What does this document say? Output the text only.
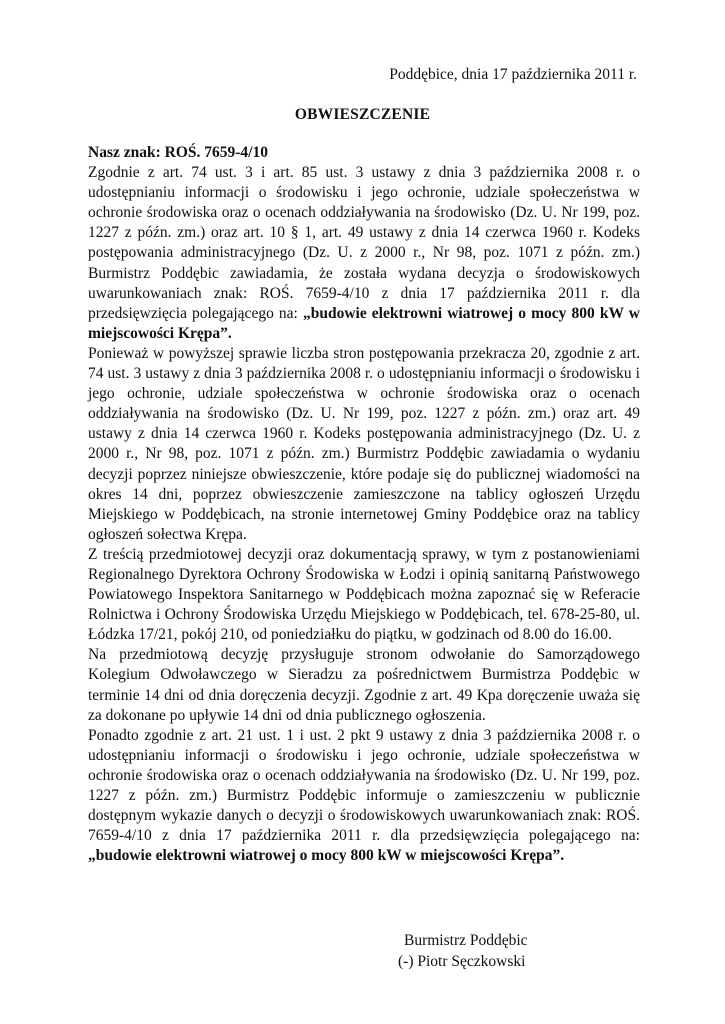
Poddębice, dnia 17 października 2011 r.
OBWIESZCZENIE

Nasz znak: ROŚ. 7659-4/10

Zgodnie z art. 74 ust. 3 i art. 85 ust. 3 ustawy z dnia 3 października 2008 r. o udostępnianiu informacji o środowisku i jego ochronie, udziale społeczeństwa w ochronie środowiska oraz o ocenach oddziaływania na środowisko (Dz. U. Nr 199, poz. 1227 z późn. zm.) oraz art. 10 § 1, art. 49 ustawy z dnia 14 czerwca 1960 r. Kodeks postępowania administracyjnego (Dz. U. z 2000 r., Nr 98, poz. 1071 z późn. zm.) Burmistrz Poddębic zawiadamia, że została wydana decyzja o środowiskowych uwarunkowaniach znak: ROŚ. 7659-4/10 z dnia 17 października 2011 r. dla przedsięwzięcia polegającego na: „budowie elektrowni wiatrowej o mocy 800 kW w miejscowości Krępa”.

Ponieważ w powyższej sprawie liczba stron postępowania przekracza 20, zgodnie z art. 74 ust. 3 ustawy z dnia 3 października 2008 r. o udostępnianiu informacji o środowisku i jego ochronie, udziale społeczeństwa w ochronie środowiska oraz o ocenach oddziaływania na środowisko (Dz. U. Nr 199, poz. 1227 z późn. zm.) oraz art. 49 ustawy z dnia 14 czerwca 1960 r. Kodeks postępowania administracyjnego (Dz. U. z 2000 r., Nr 98, poz. 1071 z późn. zm.) Burmistrz Poddębic zawiadamia o wydaniu decyzji poprzez niniejsze obwieszczenie, które podaje się do publicznej wiadomości na okres 14 dni, poprzez obwieszczenie zamieszczone na tablicy ogłoszeń Urzędu Miejskiego w Poddębicach, na stronie internetowej Gminy Poddębice oraz na tablicy ogłoszeń sołectwa Krępa.

Z treścią przedmiotowej decyzji oraz dokumentacją sprawy, w tym z postanowieniami Regionalnego Dyrektora Ochrony Środowiska w Łodzi i opinią sanitarną Państwowego Powiatowego Inspektora Sanitarnego w Poddębicach można zapoznać się w Referacie Rolnictwa i Ochrony Środowiska Urzędu Miejskiego w Poddębicach, tel. 678-25-80, ul. Łódzka 17/21, pokój 210, od poniedziałku do piątku, w godzinach od 8.00 do 16.00.

Na przedmiotową decyzję przysługuje stronom odwołanie do Samorządowego Kolegium Odwoławczego w Sieradzu za pośrednictwem Burmistrza Poddębic w terminie 14 dni od dnia doręczenia decyzji. Zgodnie z art. 49 Kpa doręczenie uważa się za dokonane po upływie 14 dni od dnia publicznego ogłoszenia.

Ponadto zgodnie z art. 21 ust. 1 i ust. 2 pkt 9 ustawy z dnia 3 października 2008 r. o udostępnianiu informacji o środowisku i jego ochronie, udziale społeczeństwa w ochronie środowiska oraz o ocenach oddziaływania na środowisko (Dz. U. Nr 199, poz. 1227 z późn. zm.) Burmistrz Poddębic informuje o zamieszczeniu w publicznie dostępnym wykazie danych o decyzji o środowiskowych uwarunkowaniach znak: ROŚ. 7659-4/10 z dnia 17 października 2011 r. dla przedsięwzięcia polegającego na: „budowie elektrowni wiatrowej o mocy 800 kW w miejscowości Krępa”.

Burmistrz Poddębic
(-) Piotr Sęczkowski
